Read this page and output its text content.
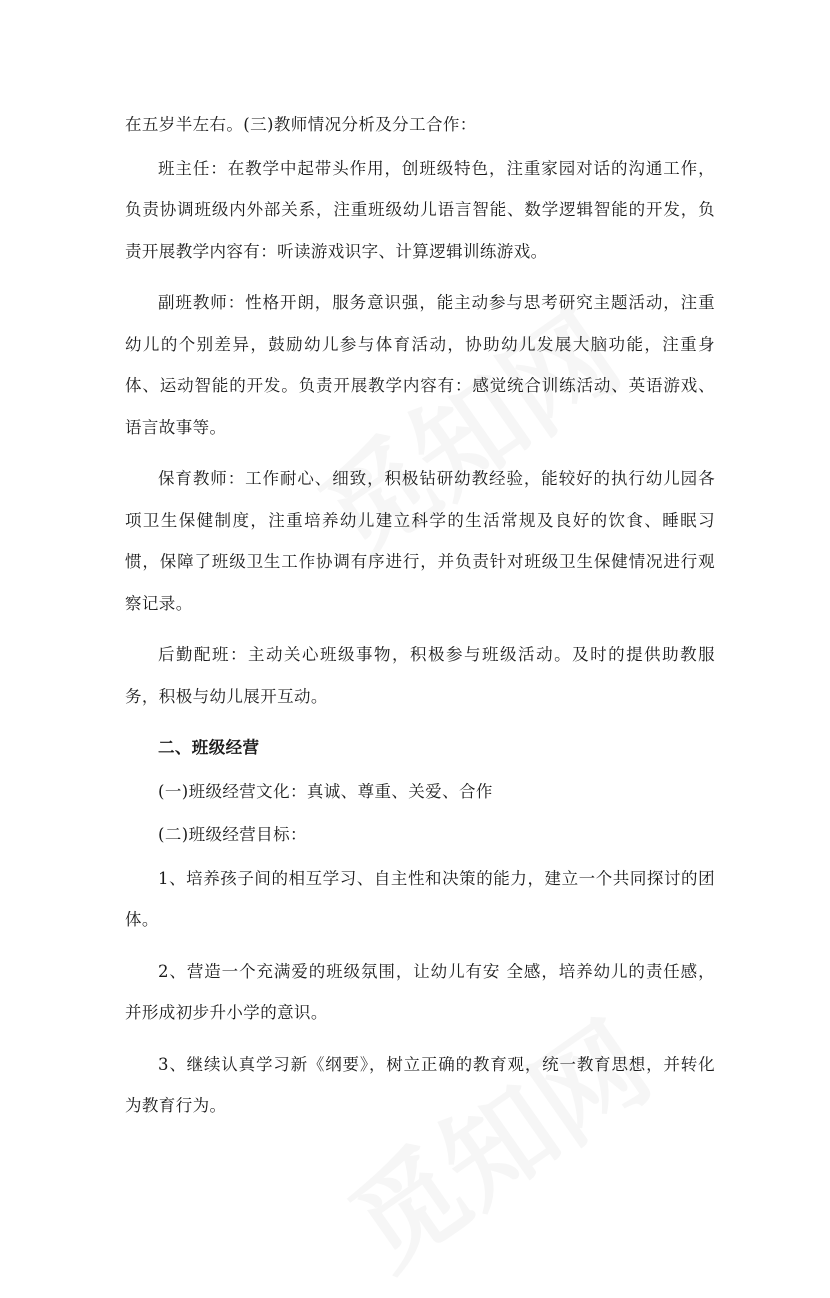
在五岁半左右。(三)教师情况分析及分工合作：

班主任：在教学中起带头作用，创班级特色，注重家园对话的沟通工作，负责协调班级内外部关系，注重班级幼儿语言智能、数学逻辑智能的开发，负责开展教学内容有：听读游戏识字、计算逻辑训练游戏。

副班教师：性格开朗，服务意识强，能主动参与思考研究主题活动，注重幼儿的个别差异，鼓励幼儿参与体育活动，协助幼儿发展大脑功能，注重身体、运动智能的开发。负责开展教学内容有：感觉统合训练活动、英语游戏、语言故事等。

保育教师：工作耐心、细致，积极钻研幼教经验，能较好的执行幼儿园各项卫生保健制度，注重培养幼儿建立科学的生活常规及良好的饮食、睡眠习惯，保障了班级卫生工作协调有序进行，并负责针对班级卫生保健情况进行观察记录。

后勤配班：主动关心班级事物，积极参与班级活动。及时的提供助教服务，积极与幼儿展开互动。

二、班级经营

(一)班级经营文化：真诚、尊重、关爱、合作

(二)班级经营目标：

1、培养孩子间的相互学习、自主性和决策的能力，建立一个共同探讨的团体。

2、营造一个充满爱的班级氛围，让幼儿有安 全感，培养幼儿的责任感，并形成初步升小学的意识。

3、继续认真学习新《纲要》，树立正确的教育观，统一教育思想，并转化为教育行为。
